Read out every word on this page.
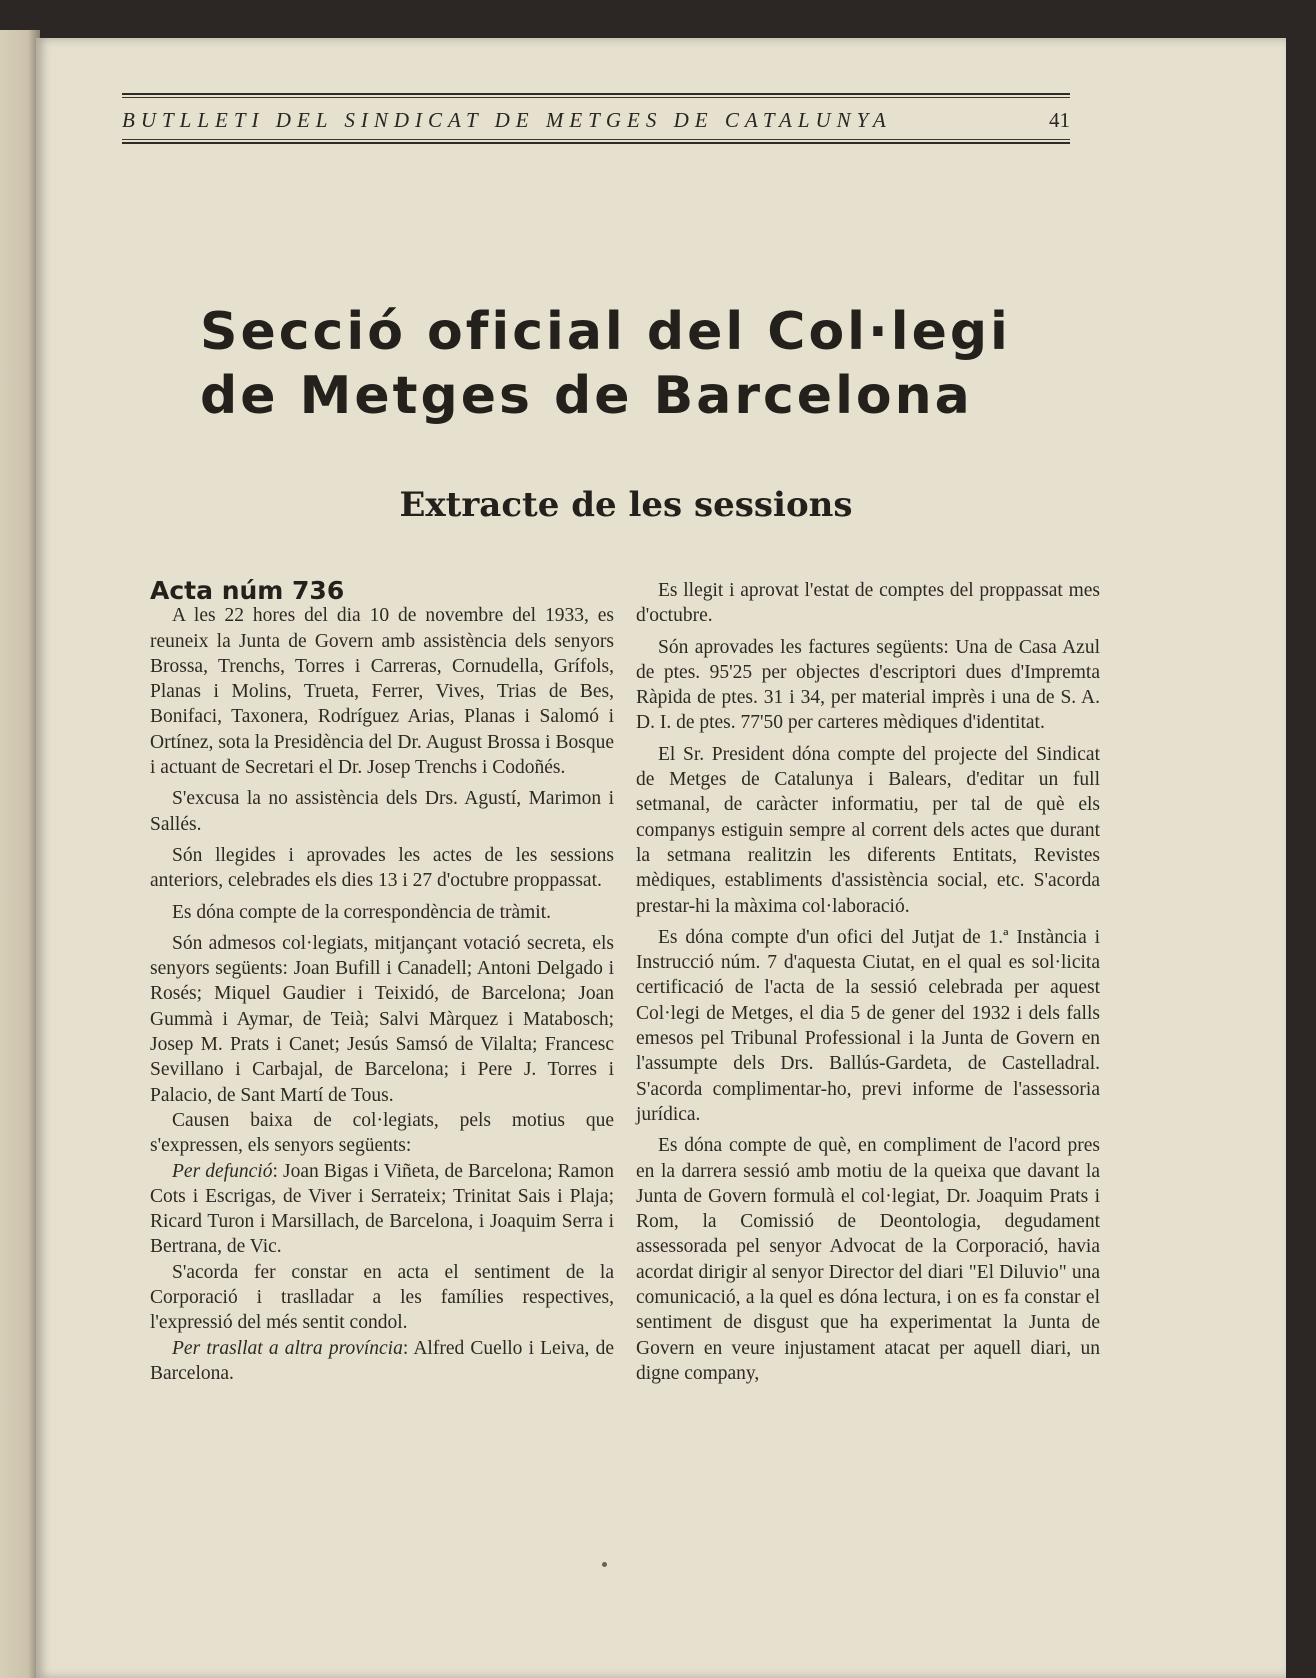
BUTLLETI DEL SINDICAT DE METGES DE CATALUNYA	41
Secció oficial del Col·legi
de Metges de Barcelona
Extracte de les sessions

Acta núm 736

A les 22 hores del dia 10 de novembre del 1933, es reuneix la Junta de Govern amb assistència dels senyors Brossa, Trenchs, Torres i Carreras, Cornudella, Grífols, Planas i Molins, Trueta, Ferrer, Vives, Trias de Bes, Bonifaci, Taxonera, Rodríguez Arias, Planas i Salomó i Ortínez, sota la Presidència del Dr. August Brossa i Bosque i actuant de Secretari el Dr. Josep Trenchs i Codoñés.

S'excusa la no assistència dels Drs. Agustí, Marimon i Sallés.

Són llegides i aprovades les actes de les sessions anteriors, celebrades els dies 13 i 27 d'octubre proppassat.

Es dóna compte de la correspondència de tràmit.

Són admesos col·legiats, mitjançant votació secreta, els senyors següents: Joan Bufill i Canadell; Antoni Delgado i Rosés; Miquel Gaudier i Teixidó, de Barcelona; Joan Gummà i Aymar, de Teià; Salvi Màrquez i Matabosch; Josep M. Prats i Canet; Jesús Samsó de Vilalta; Francesc Sevillano i Carbajal, de Barcelona; i Pere J. Torres i Palacio, de Sant Martí de Tous.

Causen baixa de col·legiats, pels motius que s'expressen, els senyors següents:

Per defunció: Joan Bigas i Viñeta, de Barcelona; Ramon Cots i Escrigas, de Viver i Serrateix; Trinitat Sais i Plaja; Ricard Turon i Marsillach, de Barcelona, i Joaquim Serra i Bertrana, de Vic.

S'acorda fer constar en acta el sentiment de la Corporació i traslladar a les famílies respectives, l'expressió del més sentit condol.

Per trasllat a altra província: Alfred Cuello i Leiva, de Barcelona.

Es llegit i aprovat l'estat de comptes del proppassat mes d'octubre.

Són aprovades les factures següents: Una de Casa Azul de ptes. 95'25 per objectes d'escriptori dues d'Impremta Ràpida de ptes. 31 i 34, per material imprès i una de S. A. D. I. de ptes. 77'50 per carteres mèdiques d'identitat.

El Sr. President dóna compte del projecte del Sindicat de Metges de Catalunya i Balears, d'editar un full setmanal, de caràcter informatiu, per tal de què els companys estiguin sempre al corrent dels actes que durant la setmana realitzin les diferents Entitats, Revistes mèdiques, establiments d'assistència social, etc. S'acorda prestar-hi la màxima col·laboració.

Es dóna compte d'un ofici del Jutjat de 1.ª Instància i Instrucció núm. 7 d'aquesta Ciutat, en el qual es sol·licita certificació de l'acta de la sessió celebrada per aquest Col·legi de Metges, el dia 5 de gener del 1932 i dels falls emesos pel Tribunal Professional i la Junta de Govern en l'assumpte dels Drs. Ballús-Gardeta, de Castelladral. S'acorda complimentar-ho, previ informe de l'assessoria jurídica.

Es dóna compte de què, en compliment de l'acord pres en la darrera sessió amb motiu de la queixa que davant la Junta de Govern formulà el col·legiat, Dr. Joaquim Prats i Rom, la Comissió de Deontologia, degudament assessorada pel senyor Advocat de la Corporació, havia acordat dirigir al senyor Director del diari "El Diluvio" una comunicació, a la quel es dóna lectura, i on es fa constar el sentiment de disgust que ha experimentat la Junta de Govern en veure injustament atacat per aquell diari, un digne company,
